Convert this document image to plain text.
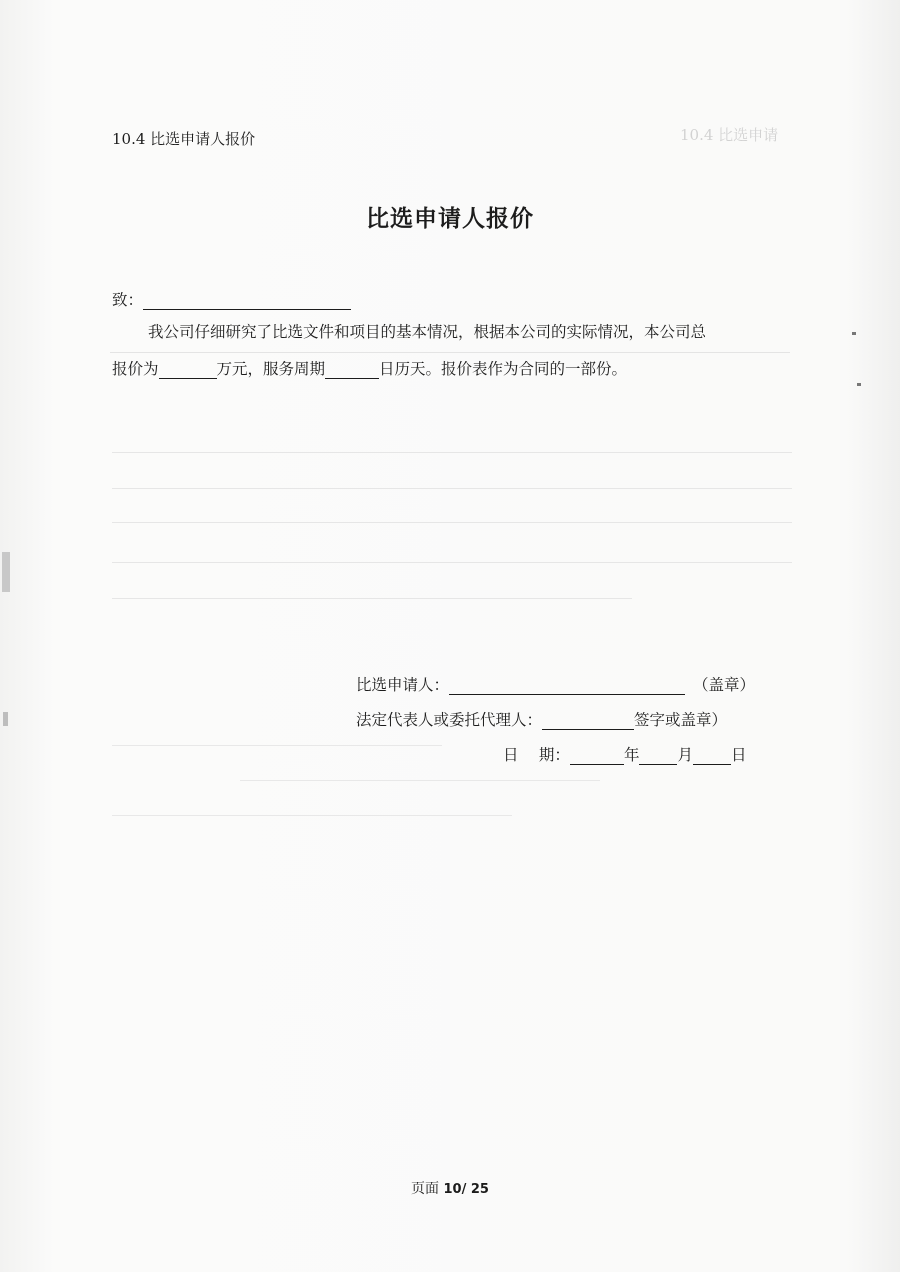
10.4 比选申请
10.4 比选申请人报价
比选申请人报价
致：
我公司仔细研究了比选文件和项目的基本情况，根据本公司的实际情况，本公司总
报价为	万元，服务周期	日历天。报价表作为合同的一部份。
比选申请人：	（盖章）
法定代表人或委托代理人：	签字或盖章）
日　 期：	年 月 日
页面 10/ 25
